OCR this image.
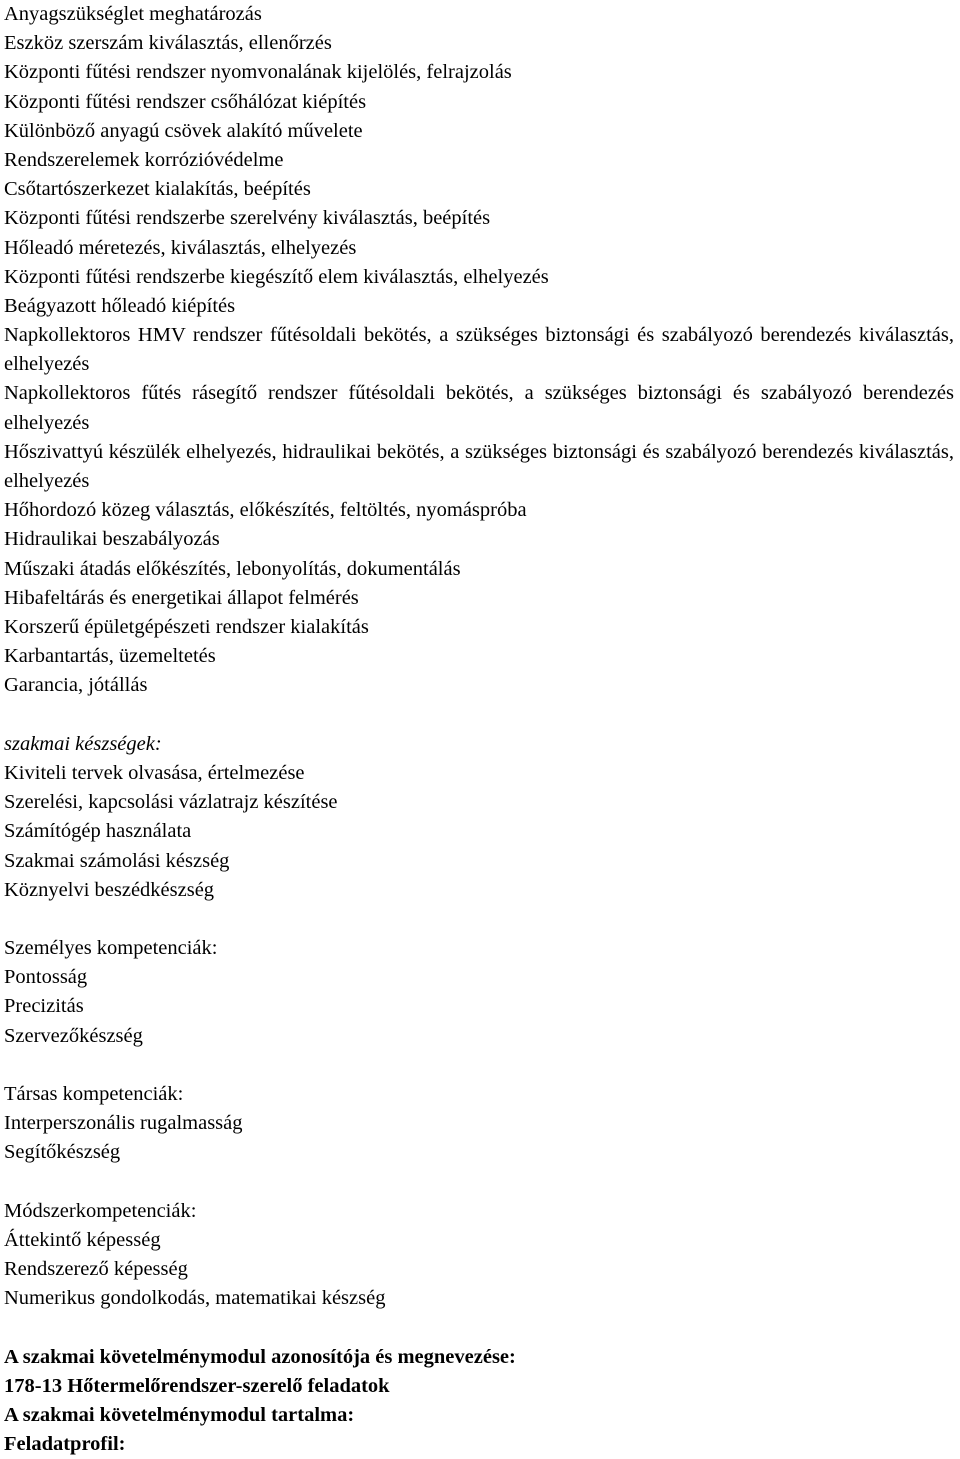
Anyagszükséglet meghatározás
Eszköz szerszám kiválasztás, ellenőrzés
Központi fűtési rendszer nyomvonalának kijelölés, felrajzolás
Központi fűtési rendszer csőhálózat kiépítés
Különböző anyagú csövek alakító művelete
Rendszerelemek korrózióvédelme
Csőtartószerkezet kialakítás, beépítés
Központi fűtési rendszerbe szerelvény kiválasztás, beépítés
Hőleadó méretezés, kiválasztás, elhelyezés
Központi fűtési rendszerbe kiegészítő elem kiválasztás, elhelyezés
Beágyazott hőleadó kiépítés
Napkollektoros HMV rendszer fűtésoldali bekötés, a szükséges biztonsági és szabályozó berendezés kiválasztás, elhelyezés
Napkollektoros fűtés rásegítő rendszer fűtésoldali bekötés, a szükséges biztonsági és szabályozó berendezés elhelyezés
Hőszivattyú készülék elhelyezés, hidraulikai bekötés, a szükséges biztonsági és szabályozó berendezés kiválasztás, elhelyezés
Hőhordozó közeg választás, előkészítés, feltöltés, nyomáspróba
Hidraulikai beszabályozás
Műszaki átadás előkészítés, lebonyolítás, dokumentálás
Hibafeltárás és energetikai állapot felmérés
Korszerű épületgépészeti rendszer kialakítás
Karbantartás, üzemeltetés
Garancia, jótállás
szakmai készségek:
Kiviteli tervek olvasása, értelmezése
Szerelési, kapcsolási vázlatrajz készítése
Számítógép használata
Szakmai számolási készség
Köznyelvi beszédkészség
Személyes kompetenciák:
Pontosság
Precizitás
Szervezőkészség
Társas kompetenciák:
Interperszonális rugalmasság
Segítőkészség
Módszerkompetenciák:
Áttekintő képesség
Rendszerező képesség
Numerikus gondolkodás, matematikai készség
A szakmai követelménymodul azonosítója és megnevezése:
178-13 Hőtermelőrendszer-szerelő feladatok
A szakmai követelménymodul tartalma:
Feladatprofil:
